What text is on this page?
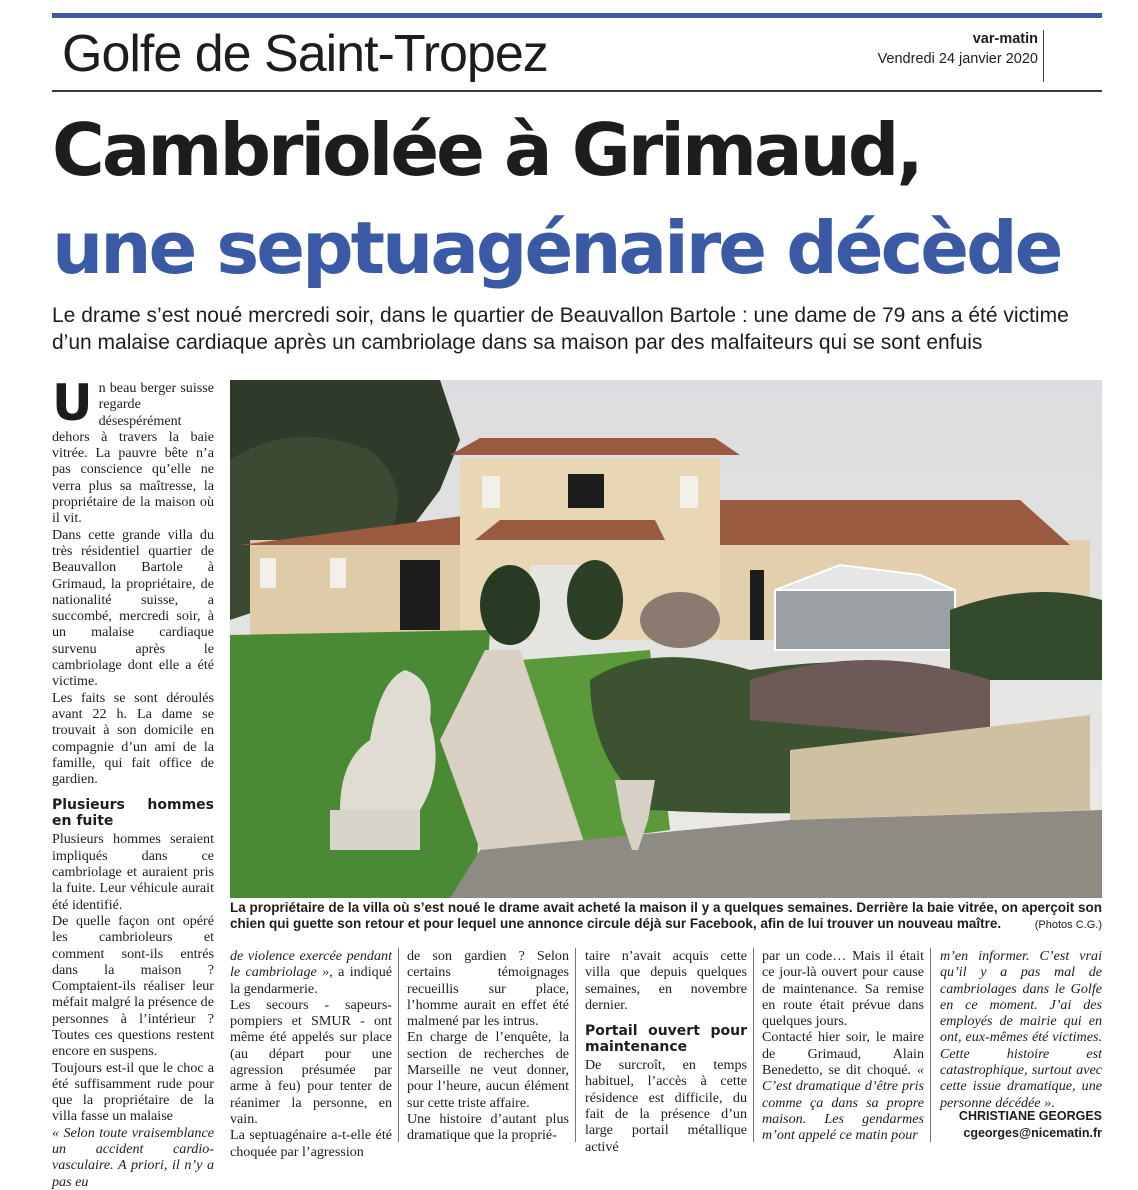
Golfe de Saint-Tropez	var-matin
Vendredi 24 janvier 2020
Cambriolée à Grimaud,
une septuagénaire décède
Le drame s’est noué mercredi soir, dans le quartier de Beauvallon Bartole : une dame de 79 ans a été victime d’un malaise cardiaque après un cambriolage dans sa maison par des malfaiteurs qui se sont enfuis

Un beau berger suisse regarde désespérément dehors à travers la baie vitrée. La pauvre bête n’a pas conscience qu’elle ne verra plus sa maîtresse, la propriétaire de la maison où il vit.

Dans cette grande villa du très résidentiel quartier de Beauvallon Bartole à Grimaud, la propriétaire, de nationalité suisse, a succombé, mercredi soir, à un malaise cardiaque survenu après le cambriolage dont elle a été victime.

Les faits se sont déroulés avant 22 h. La dame se trouvait à son domicile en compagnie d’un ami de la famille, qui fait office de gardien.

Plusieurs hommes en fuite

Plusieurs hommes seraient impliqués dans ce cambriolage et auraient pris la fuite. Leur véhicule aurait été identifié.

De quelle façon ont opéré les cambrioleurs et comment sont-ils entrés dans la maison ? Comptaient-ils réaliser leur méfait malgré la présence de personnes à l’intérieur ? Toutes ces questions restent encore en suspens.

Toujours est-il que le choc a été suffisamment rude pour que la propriétaire de la villa fasse un malaise

« Selon toute vraisemblance un accident cardio-vasculaire. A priori, il n’y a pas eu

La propriétaire de la villa où s’est noué le drame avait acheté la maison il y a quelques semaines. Derrière la baie vitrée, on aperçoit son chien qui guette son retour et pour lequel une annonce circule déjà sur Facebook, afin de lui trouver un nouveau maître.	(Photos C.G.)

de violence exercée pendant le cambriolage », a indiqué la gendarmerie.

Les secours - sapeurs-pompiers et SMUR - ont même été appelés sur place (au départ pour une agression présumée par arme à feu) pour tenter de réanimer la personne, en vain.

La septuagénaire a-t-elle été choquée par l’agression

de son gardien ? Selon certains témoignages recueillis sur place, l’homme aurait en effet été malmené par les intrus.

En charge de l’enquête, la section de recherches de Marseille ne veut donner, pour l’heure, aucun élément sur cette triste affaire.

Une histoire d’autant plus dramatique que la proprié-

taire n’avait acquis cette villa que depuis quelques semaines, en novembre dernier.

Portail ouvert pour maintenance

De surcroît, en temps habituel, l’accès à cette résidence est difficile, du fait de la présence d’un large portail métallique activé

par un code… Mais il était ce jour-là ouvert pour cause de maintenance. Sa remise en route était prévue dans quelques jours.

Contacté hier soir, le maire de Grimaud, Alain Benedetto, se dit choqué. « C’est dramatique d’être pris comme ça dans sa propre maison. Les gendarmes m’ont appelé ce matin pour

m’en informer. C’est vrai qu’il y a pas mal de cambriolages dans le Golfe en ce moment. J’ai des employés de mairie qui en ont, eux-mêmes été victimes. Cette histoire est catastrophique, surtout avec cette issue dramatique, une personne décédée ».

CHRISTIANE GEORGES
cgeorges@nicematin.fr
